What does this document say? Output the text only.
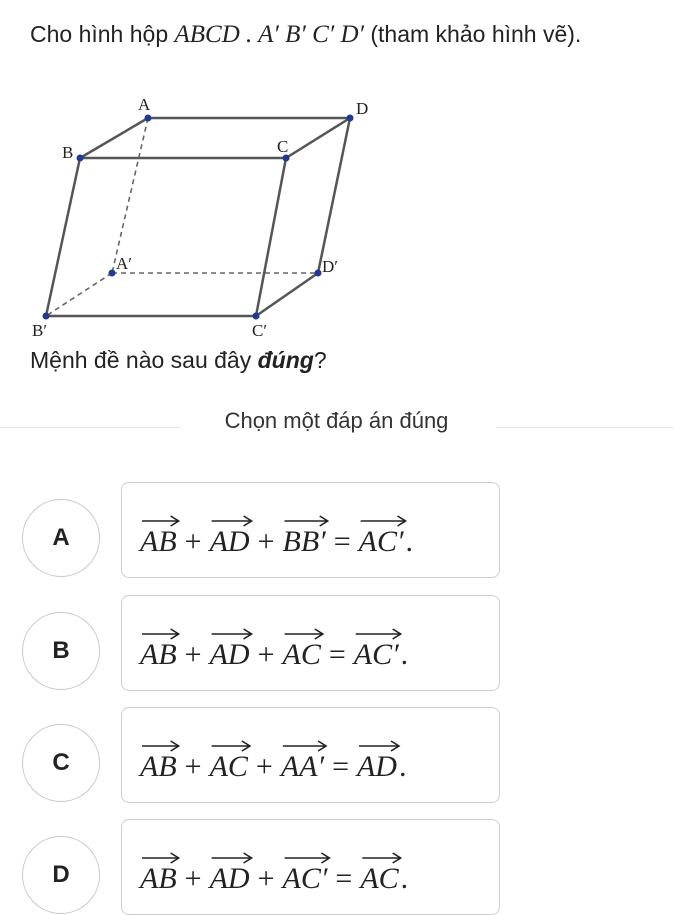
Cho hình hộp ABCD . A′ B′ C′ D′ (tham khảo hình vẽ).
A
B	C
D
A′
B′	C′
D′
Mệnh đề nào sau đây đúng?
Chọn một đáp án đúng
A	AB + AD + BB′ = AC′ .
B	AB + AD + AC = AC′ .
C	AB + AC + AA′ = AD .
D	AB + AD + AC′ = AC .
